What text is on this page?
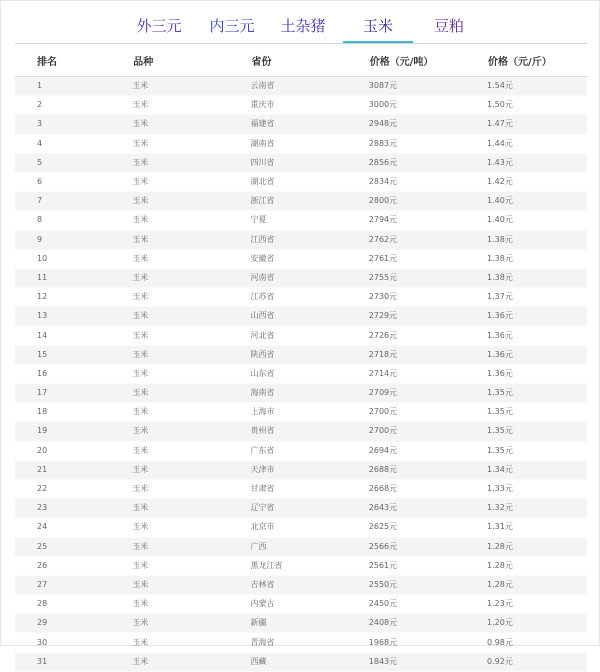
外三元	内三元	土杂猪	玉米	豆粕
排名	品种	省份	价格（元/吨）	价格（元/斤）
1	玉米	云南省	3087元	1.54元
2	玉米	重庆市	3000元	1.50元
3	玉米	福建省	2948元	1.47元
4	玉米	湖南省	2883元	1.44元
5	玉米	四川省	2856元	1.43元
6	玉米	湖北省	2834元	1.42元
7	玉米	浙江省	2800元	1.40元
8	玉米	宁夏	2794元	1.40元
9	玉米	江西省	2762元	1.38元
10	玉米	安徽省	2761元	1.38元
11	玉米	河南省	2755元	1.38元
12	玉米	江苏省	2730元	1.37元
13	玉米	山西省	2729元	1.36元
14	玉米	河北省	2726元	1.36元
15	玉米	陕西省	2718元	1.36元
16	玉米	山东省	2714元	1.36元
17	玉米	海南省	2709元	1.35元
18	玉米	上海市	2700元	1.35元
19	玉米	贵州省	2700元	1.35元
20	玉米	广东省	2694元	1.35元
21	玉米	天津市	2688元	1.34元
22	玉米	甘肃省	2668元	1.33元
23	玉米	辽宁省	2643元	1.32元
24	玉米	北京市	2625元	1.31元
25	玉米	广西	2566元	1.28元
26	玉米	黑龙江省	2561元	1.28元
27	玉米	吉林省	2550元	1.28元
28	玉米	内蒙古	2450元	1.23元
29	玉米	新疆	2408元	1.20元
30	玉米	青海省	1968元	0.98元
31	玉米	西藏	1843元	0.92元
